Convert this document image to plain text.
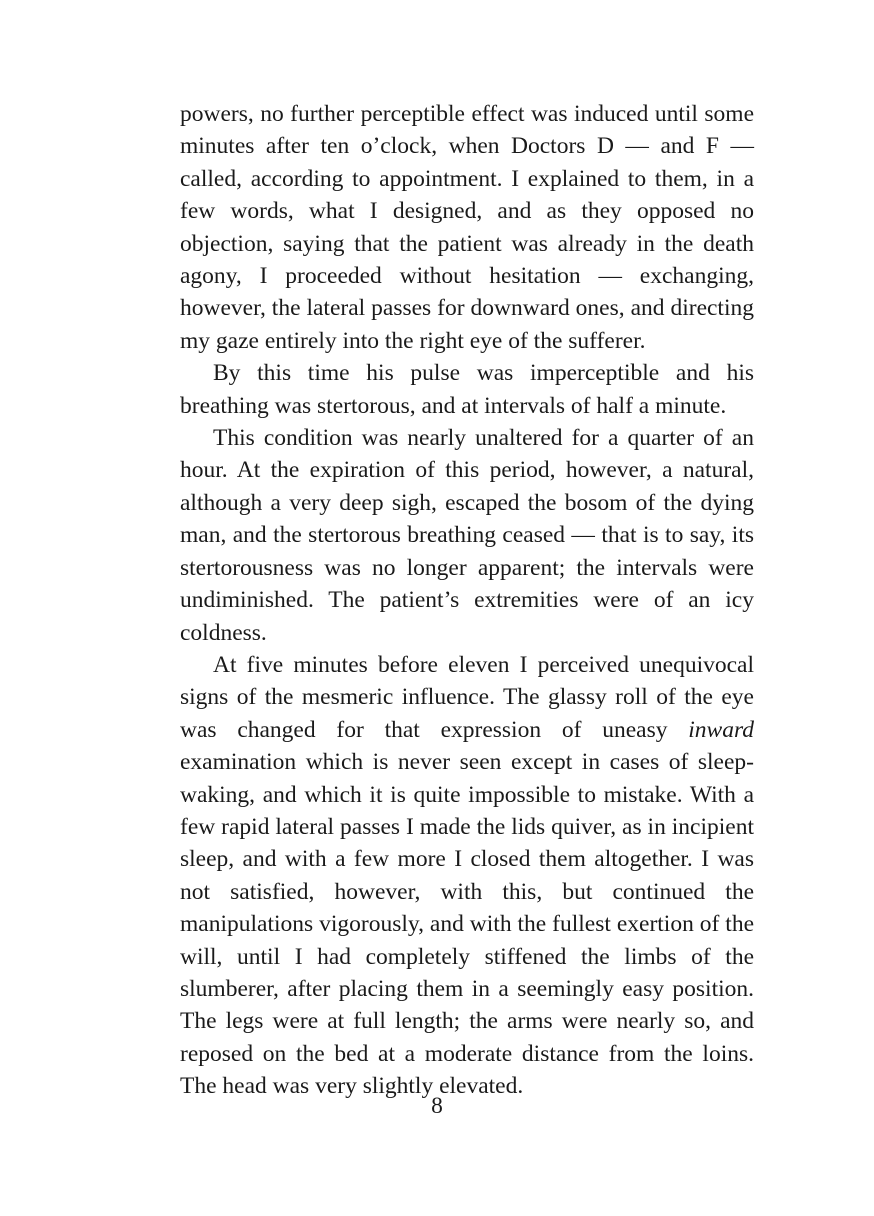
powers, no further perceptible effect was induced until some minutes after ten o’clock, when Doctors D — and F — called, according to appointment. I explained to them, in a few words, what I designed, and as they opposed no objection, saying that the patient was already in the death agony, I proceeded without hesitation — exchanging, however, the lateral passes for downward ones, and directing my gaze entirely into the right eye of the sufferer.

By this time his pulse was imperceptible and his breathing was stertorous, and at intervals of half a minute.

This condition was nearly unaltered for a quarter of an hour. At the expiration of this period, however, a natural, although a very deep sigh, escaped the bosom of the dying man, and the stertorous breathing ceased — that is to say, its stertorousness was no longer apparent; the intervals were undiminished. The patient’s extremities were of an icy coldness.

At five minutes before eleven I perceived unequivocal signs of the mesmeric influence. The glassy roll of the eye was changed for that expression of uneasy inward examination which is never seen except in cases of sleep-waking, and which it is quite impossible to mistake. With a few rapid lateral passes I made the lids quiver, as in incipient sleep, and with a few more I closed them altogether. I was not satisfied, however, with this, but continued the manipulations vigorously, and with the fullest exertion of the will, until I had completely stiffened the limbs of the slumberer, after placing them in a seemingly easy position. The legs were at full length; the arms were nearly so, and reposed on the bed at a moderate distance from the loins. The head was very slightly elevated.

8
